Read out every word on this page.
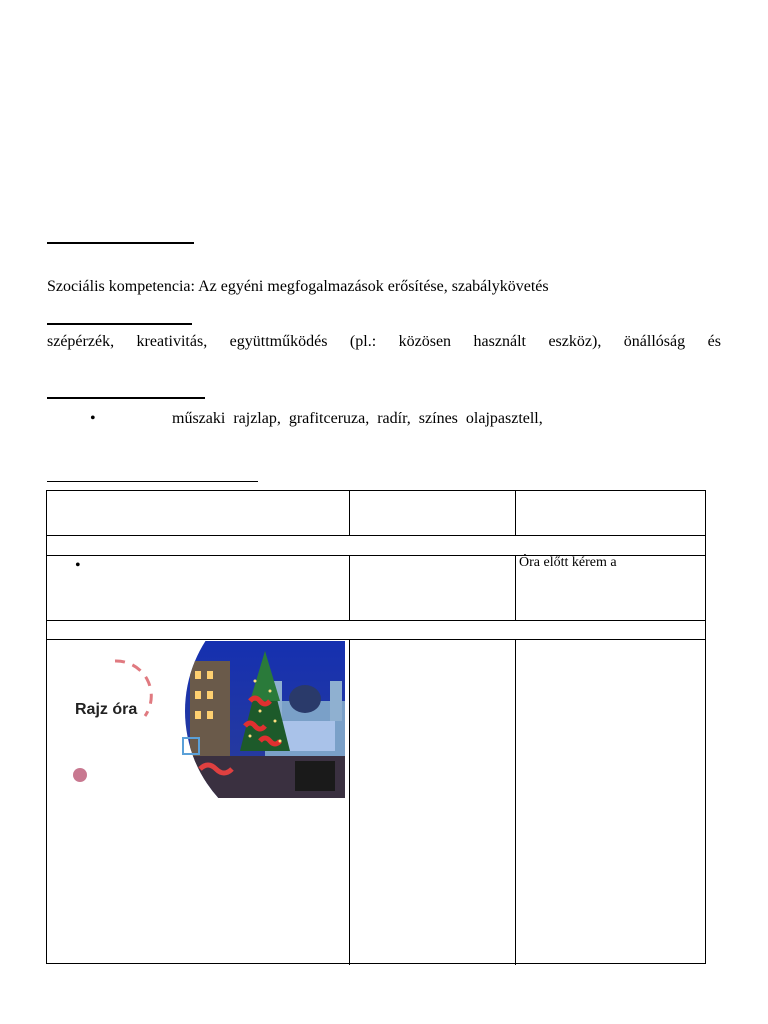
Szociális kompetencia: Az egyéni megfogalmazások erősítése, szabálykövetés
szépérzék, kreativitás, együttműködés (pl.: közösen használt eszköz), önállóság és
•	műszaki  rajzlap,  grafitceruza,  radír,  színes  olajpasztell,
•	Óra előtt kérem a
Rajz óra
